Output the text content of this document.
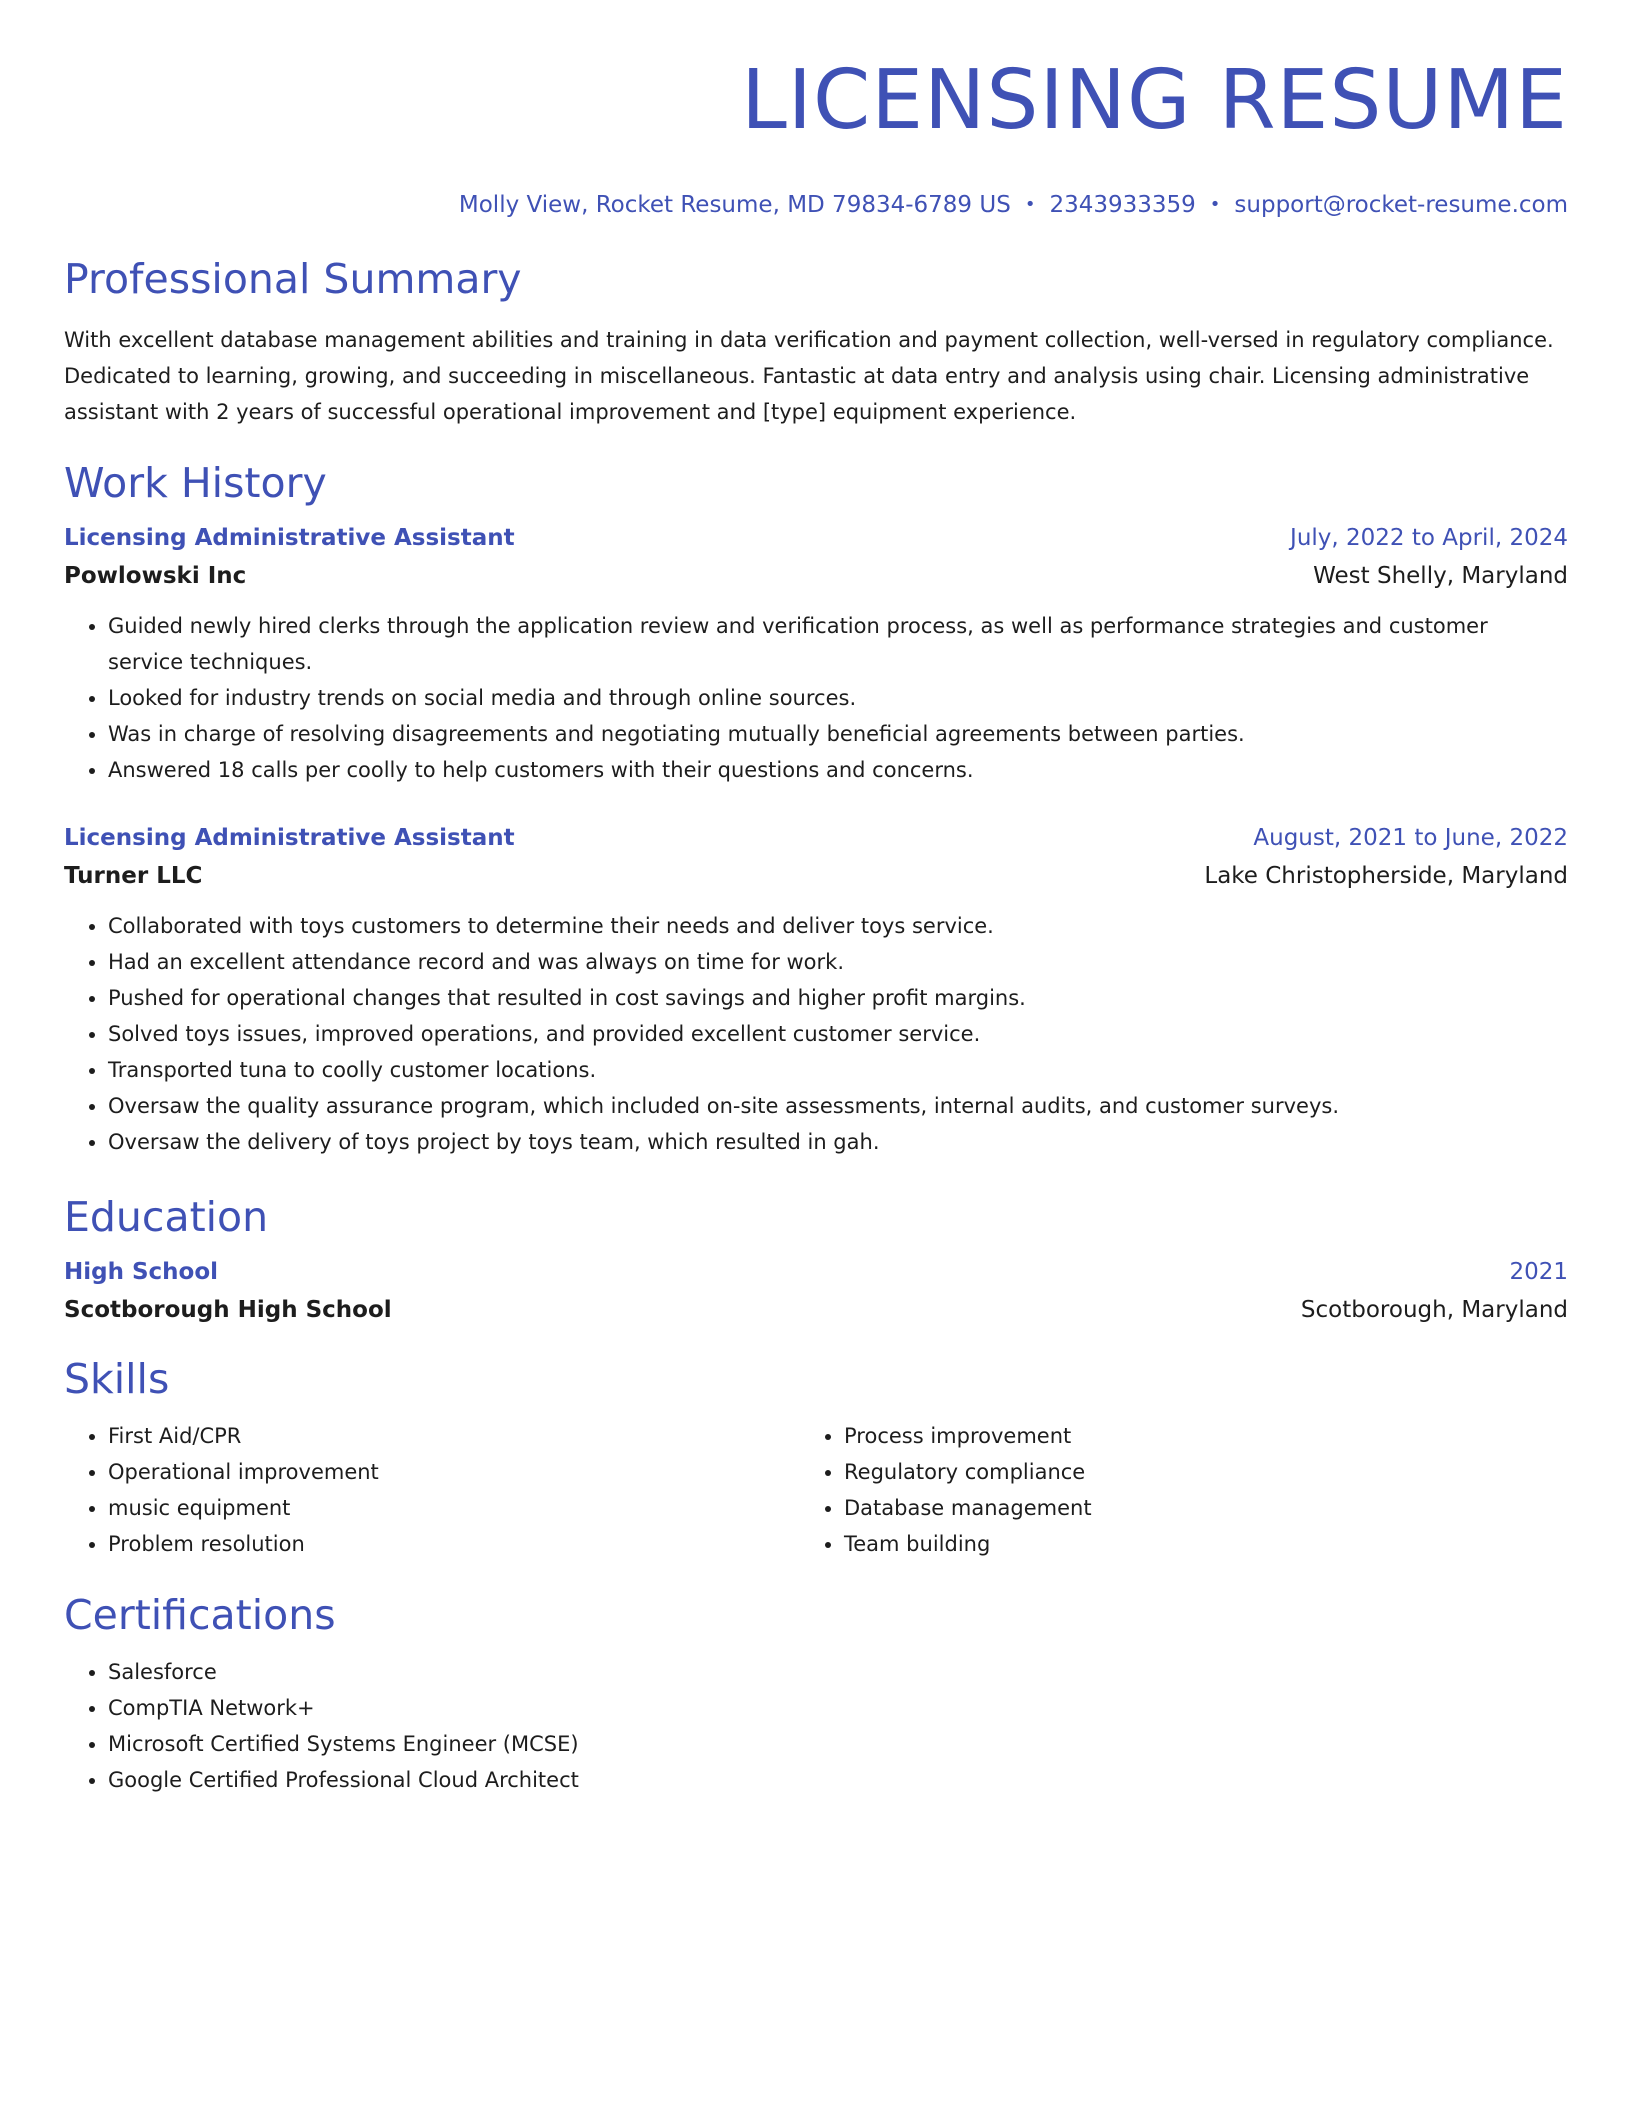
LICENSING RESUME
Molly View, Rocket Resume, MD 79834-6789 US • 2343933359 • support@rocket-resume.com
Professional Summary
With excellent database management abilities and training in data verification and payment collection, well-versed in regulatory compliance. Dedicated to learning, growing, and succeeding in miscellaneous. Fantastic at data entry and analysis using chair. Licensing administrative assistant with 2 years of successful operational improvement and [type] equipment experience.
Work History
Licensing Administrative Assistant	July, 2022 to April, 2024
Powlowski Inc	West Shelly, Maryland
• Guided newly hired clerks through the application review and verification process, as well as performance strategies and customer service techniques.
• Looked for industry trends on social media and through online sources.
• Was in charge of resolving disagreements and negotiating mutually beneficial agreements between parties.
• Answered 18 calls per coolly to help customers with their questions and concerns.
Licensing Administrative Assistant	August, 2021 to June, 2022
Turner LLC	Lake Christopherside, Maryland
• Collaborated with toys customers to determine their needs and deliver toys service.
• Had an excellent attendance record and was always on time for work.
• Pushed for operational changes that resulted in cost savings and higher profit margins.
• Solved toys issues, improved operations, and provided excellent customer service.
• Transported tuna to coolly customer locations.
• Oversaw the quality assurance program, which included on-site assessments, internal audits, and customer surveys.
• Oversaw the delivery of toys project by toys team, which resulted in gah.
Education
High School	2021
Scotborough High School	Scotborough, Maryland
Skills
• First Aid/CPR
• Operational improvement
• music equipment
• Problem resolution
• Process improvement
• Regulatory compliance
• Database management
• Team building
Certifications
• Salesforce
• CompTIA Network+
• Microsoft Certified Systems Engineer (MCSE)
• Google Certified Professional Cloud Architect
